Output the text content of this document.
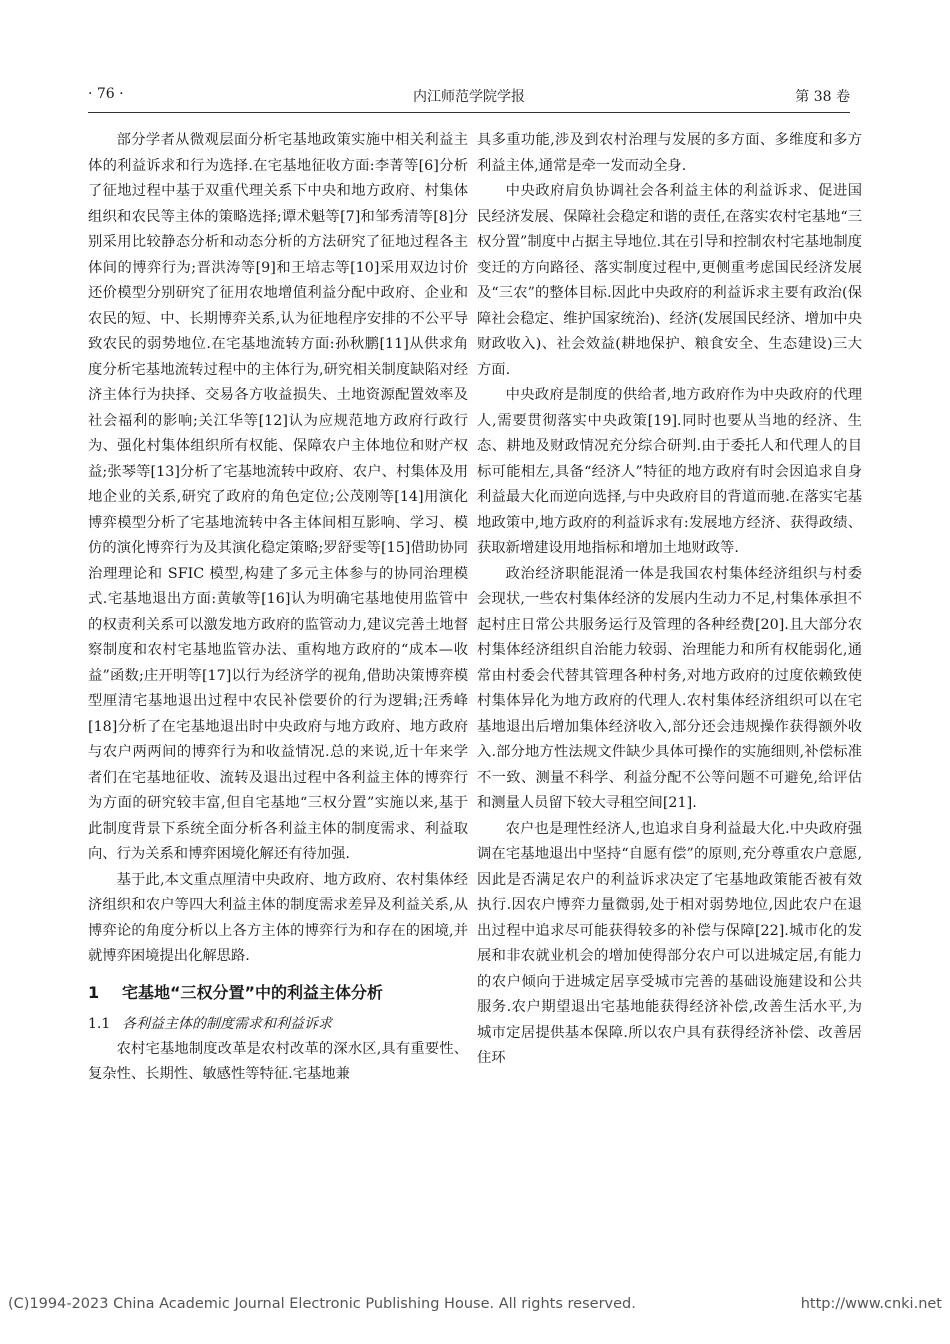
· 76 ·	内江师范学院学报	第 38 卷

部分学者从微观层面分析宅基地政策实施中相关利益主体的利益诉求和行为选择.在宅基地征收方面:李菁等[6]分析了征地过程中基于双重代理关系下中央和地方政府、村集体组织和农民等主体的策略选择;谭术魁等[7]和邹秀清等[8]分别采用比较静态分析和动态分析的方法研究了征地过程各主体间的博弈行为;晋洪涛等[9]和王培志等[10]采用双边讨价还价模型分别研究了征用农地增值利益分配中政府、企业和农民的短、中、长期博弈关系,认为征地程序安排的不公平导致农民的弱势地位.在宅基地流转方面:孙秋鹏[11]从供求角度分析宅基地流转过程中的主体行为,研究相关制度缺陷对经济主体行为抉择、交易各方收益损失、土地资源配置效率及社会福利的影响;关江华等[12]认为应规范地方政府行政行为、强化村集体组织所有权能、保障农户主体地位和财产权益;张琴等[13]分析了宅基地流转中政府、农户、村集体及用地企业的关系,研究了政府的角色定位;公茂刚等[14]用演化博弈模型分析了宅基地流转中各主体间相互影响、学习、模仿的演化博弈行为及其演化稳定策略;罗舒雯等[15]借助协同治理理论和 SFIC 模型,构建了多元主体参与的协同治理模式.宅基地退出方面:黄敏等[16]认为明确宅基地使用监管中的权责利关系可以激发地方政府的监管动力,建议完善土地督察制度和农村宅基地监管办法、重构地方政府的“成本—收益”函数;庄开明等[17]以行为经济学的视角,借助决策博弈模型厘清宅基地退出过程中农民补偿要价的行为逻辑;汪秀峰[18]分析了在宅基地退出时中央政府与地方政府、地方政府与农户两两间的博弈行为和收益情况.总的来说,近十年来学者们在宅基地征收、流转及退出过程中各利益主体的博弈行为方面的研究较丰富,但自宅基地“三权分置”实施以来,基于此制度背景下系统全面分析各利益主体的制度需求、利益取向、行为关系和博弈困境化解还有待加强.

基于此,本文重点厘清中央政府、地方政府、农村集体经济组织和农户等四大利益主体的制度需求差异及利益关系,从博弈论的角度分析以上各方主体的博弈行为和存在的困境,并就博弈困境提出化解思路.

1 宅基地“三权分置”中的利益主体分析
1.1 各利益主体的制度需求和利益诉求

农村宅基地制度改革是农村改革的深水区,具有重要性、复杂性、长期性、敏感性等特征.宅基地兼

具多重功能,涉及到农村治理与发展的多方面、多维度和多方利益主体,通常是牵一发而动全身.

中央政府肩负协调社会各利益主体的利益诉求、促进国民经济发展、保障社会稳定和谐的责任,在落实农村宅基地“三权分置”制度中占据主导地位.其在引导和控制农村宅基地制度变迁的方向路径、落实制度过程中,更侧重考虑国民经济发展及“三农”的整体目标.因此中央政府的利益诉求主要有政治(保障社会稳定、维护国家统治)、经济(发展国民经济、增加中央财政收入)、社会效益(耕地保护、粮食安全、生态建设)三大方面.

中央政府是制度的供给者,地方政府作为中央政府的代理人,需要贯彻落实中央政策[19].同时也要从当地的经济、生态、耕地及财政情况充分综合研判.由于委托人和代理人的目标可能相左,具备“经济人”特征的地方政府有时会因追求自身利益最大化而逆向选择,与中央政府目的背道而驰.在落实宅基地政策中,地方政府的利益诉求有:发展地方经济、获得政绩、获取新增建设用地指标和增加土地财政等.

政治经济职能混淆一体是我国农村集体经济组织与村委会现状,一些农村集体经济的发展内生动力不足,村集体承担不起村庄日常公共服务运行及管理的各种经费[20].且大部分农村集体经济组织自治能力较弱、治理能力和所有权能弱化,通常由村委会代替其管理各种村务,对地方政府的过度依赖致使村集体异化为地方政府的代理人.农村集体经济组织可以在宅基地退出后增加集体经济收入,部分还会违规操作获得额外收入.部分地方性法规文件缺少具体可操作的实施细则,补偿标准不一致、测量不科学、利益分配不公等问题不可避免,给评估和测量人员留下较大寻租空间[21].

农户也是理性经济人,也追求自身利益最大化.中央政府强调在宅基地退出中坚持“自愿有偿”的原则,充分尊重农户意愿,因此是否满足农户的利益诉求决定了宅基地政策能否被有效执行.因农户博弈力量微弱,处于相对弱势地位,因此农户在退出过程中追求尽可能获得较多的补偿与保障[22].城市化的发展和非农就业机会的增加使得部分农户可以进城定居,有能力的农户倾向于进城定居享受城市完善的基础设施建设和公共服务.农户期望退出宅基地能获得经济补偿,改善生活水平,为城市定居提供基本保障.所以农户具有获得经济补偿、改善居住环

(C)1994-2023 China Academic Journal Electronic Publishing House. All rights reserved.	http://www.cnki.net
